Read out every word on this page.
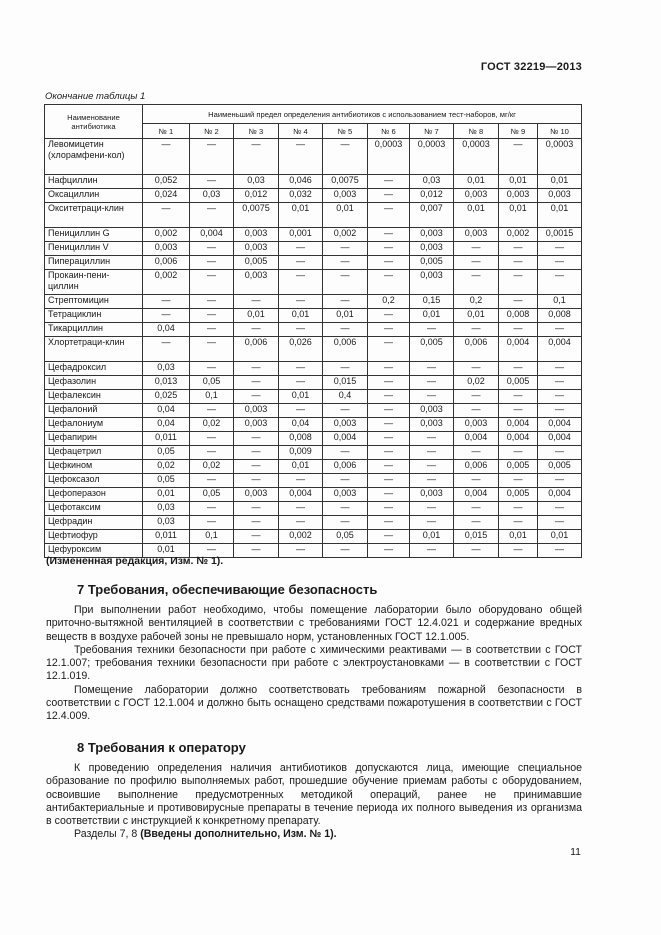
ГОСТ 32219—2013
Окончание таблицы 1
Наименование антибиотика	Наименьший предел определения антибиотиков с использованием тест-наборов, мг/кг									
	№ 1	№ 2	№ 3	№ 4	№ 5	№ 6	№ 7	№ 8	№ 9	№ 10
Левомицетин (хлорамфени-кол)	—	—	—	—	—	0,0003	0,0003	0,0003	—	0,0003
Нафциллин	0,052	—	0,03	0,046	0,0075	—	0,03	0,01	0,01	0,01
Оксациллин	0,024	0,03	0,012	0,032	0,003	—	0,012	0,003	0,003	0,003
Окситетраци-клин	—	—	0,0075	0,01	0,01	—	0,007	0,01	0,01	0,01
Пенициллин G	0,002	0,004	0,003	0,001	0,002	—	0,003	0,003	0,002	0,0015
Пенициллин V	0,003	—	0,003	—	—	—	0,003	—	—	—
Пиперациллин	0,006	—	0,005	—	—	—	0,005	—	—	—
Прокаин-пени-циллин	0,002	—	0,003	—	—	—	0,003	—	—	—
Стрептомицин	—	—	—	—	—	0,2	0,15	0,2	—	0,1
Тетрациклин	—	—	0,01	0,01	0,01	—	0,01	0,01	0,008	0,008
Тикарциллин	0,04	—	—	—	—	—	—	—	—	—
Хлортетраци-клин	—	—	0,006	0,026	0,006	—	0,005	0,006	0,004	0,004
Цефадроксил	0,03	—	—	—	—	—	—	—	—	—
Цефазолин	0,013	0,05	—	—	0,015	—	—	0,02	0,005	—
Цефалексин	0,025	0,1	—	0,01	0,4	—	—	—	—	—
Цефалоний	0,04	—	0,003	—	—	—	0,003	—	—	—
Цефалониум	0,04	0,02	0,003	0,04	0,003	—	0,003	0,003	0,004	0,004
Цефапирин	0,011	—	—	0,008	0,004	—	—	0,004	0,004	0,004
Цефацетрил	0,05	—	—	0,009	—	—	—	—	—	—
Цефкином	0,02	0,02	—	0,01	0,006	—	—	0,006	0,005	0,005
Цефоксазол	0,05	—	—	—	—	—	—	—	—	—
Цефоперазон	0,01	0,05	0,003	0,004	0,003	—	0,003	0,004	0,005	0,004
Цефотаксим	0,03	—	—	—	—	—	—	—	—	—
Цефрадин	0,03	—	—	—	—	—	—	—	—	—
Цефтиофур	0,011	0,1	—	0,002	0,05	—	0,01	0,015	0,01	0,01
Цефуроксим	0,01	—	—	—	—	—	—	—	—	—
(Измененная редакция, Изм. № 1).
7 Требования, обеспечивающие безопасность

При выполнении работ необходимо, чтобы помещение лаборатории было оборудовано общей приточно-вытяжной вентиляцией в соответствии с требованиями ГОСТ 12.4.021 и содержание вредных веществ в воздухе рабочей зоны не превышало норм, установленных ГОСТ 12.1.005.

Требования техники безопасности при работе с химическими реактивами — в соответствии с ГОСТ 12.1.007; требования техники безопасности при работе с электроустановками — в соответствии с ГОСТ 12.1.019.

Помещение лаборатории должно соответствовать требованиям пожарной безопасности в соответствии с ГОСТ 12.1.004 и должно быть оснащено средствами пожаротушения в соответствии с ГОСТ 12.4.009.

8 Требования к оператору

К проведению определения наличия антибиотиков допускаются лица, имеющие специальное образование по профилю выполняемых работ, прошедшие обучение приемам работы с оборудованием, освоившие выполнение предусмотренных методикой операций, ранее не принимавшие антибактериальные и противовирусные препараты в течение периода их полного выведения из организма в соответствии с инструкцией к конкретному препарату.

Разделы 7, 8 (Введены дополнительно, Изм. № 1).

11
